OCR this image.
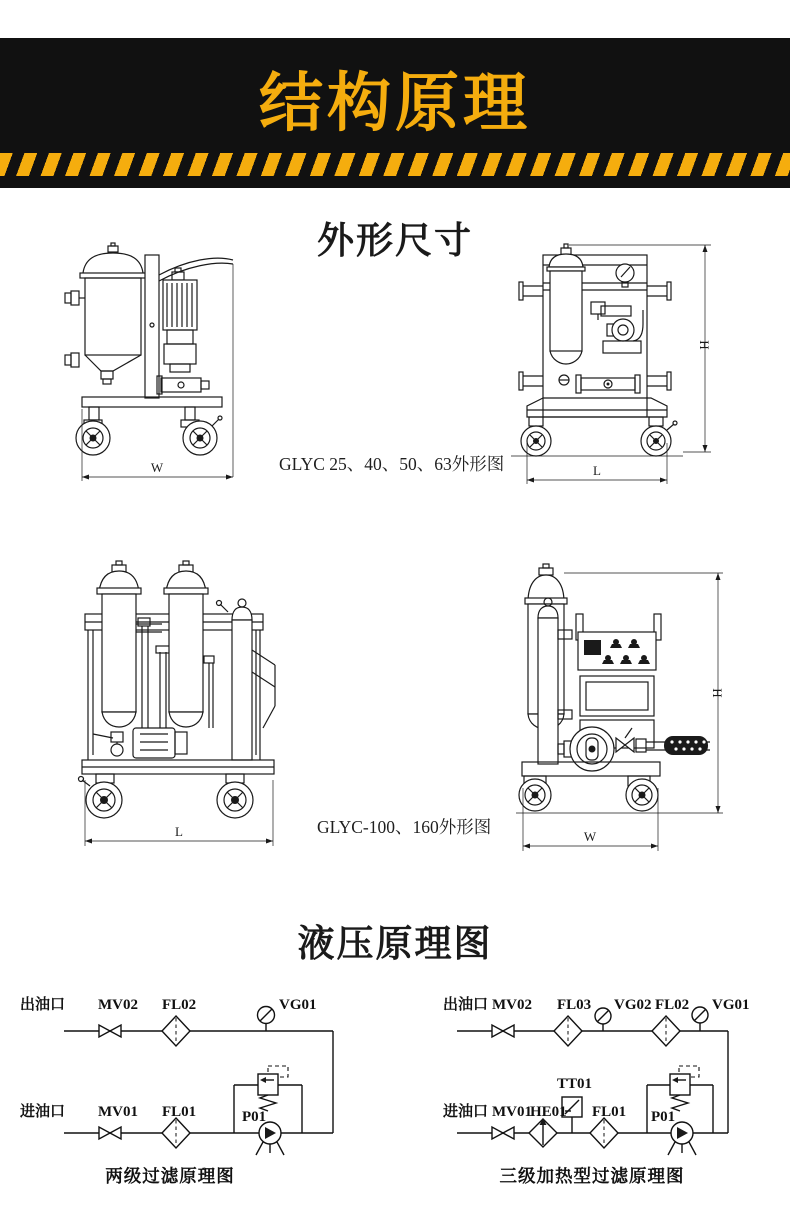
结构原理
外形尺寸
W
H
L
GLYC 25、40、50、63外形图
L	GLYC-100、160外形图
H
W
液压原理图
出油口 MV02 FL02	VG01
进油口 MV01 FL01	P01
两级过滤原理图
出油口 MV02 FL03 VG02 FL02 VG01
TT01
进油口 MV01
HE01 FL01 P01
三级加热型过滤原理图
